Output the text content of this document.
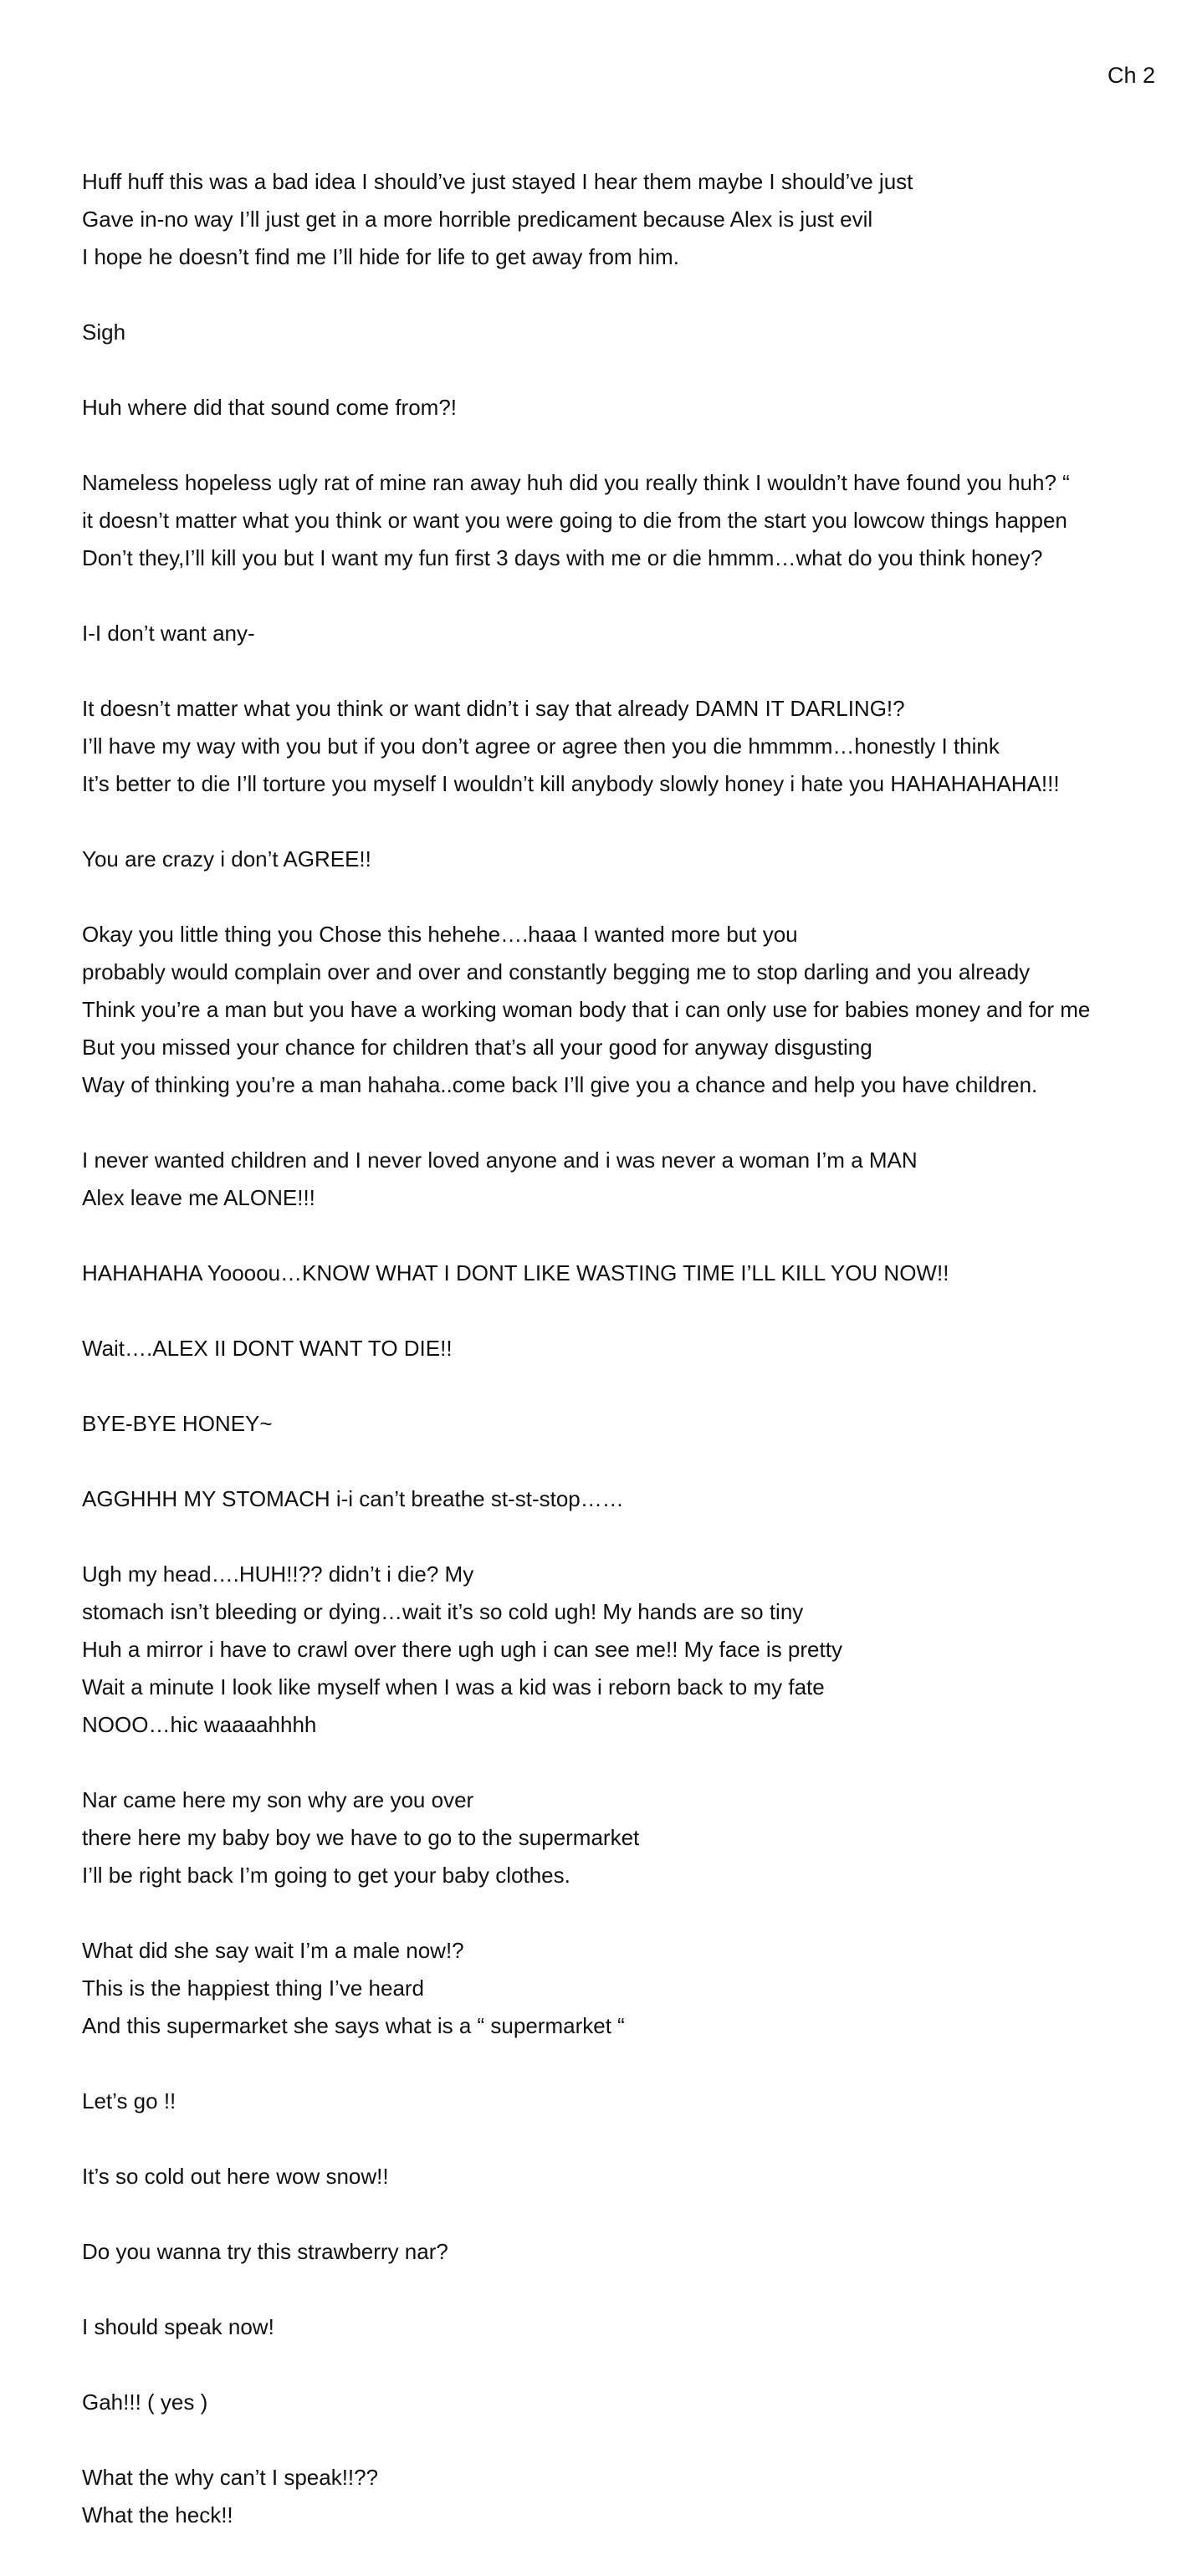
Ch 2
Huff huff this was a bad idea I should’ve just stayed I hear them maybe I should’ve just
Gave in-no way I’ll just get in a more horrible predicament because Alex is just evil
I hope he doesn’t find me I’ll hide for life to get away from him.
Sigh
Huh where did that sound come from?!
Nameless hopeless ugly rat of mine ran away huh did you really think I wouldn’t have found you huh? “
it doesn’t matter what you think or want you were going to die from the start you lowcow things happen
Don’t they,I’ll kill you but I want my fun first 3 days with me or die hmmm…what do you think honey?
I-I don’t want any-
It doesn’t matter what you think or want didn’t i say that already DAMN IT DARLING!?
I’ll have my way with you but if you don’t agree or agree then you die hmmmm…honestly I think
It’s better to die I’ll torture you myself I wouldn’t kill anybody slowly honey i hate you HAHAHAHAHA!!!
You are crazy i don’t AGREE!!
Okay you little thing you Chose this hehehe….haaa I wanted more but you
probably would complain over and over and constantly begging me to stop darling and you already
Think you’re a man but you have a working woman body that i can only use for babies money and for me
But you missed your chance for children that’s all your good for anyway disgusting
Way of thinking you’re a man hahaha..come back I’ll give you a chance and help you have children.
I never wanted children and I never loved anyone and i was never a woman I’m a MAN
Alex leave me ALONE!!!
HAHAHAHA Yoooou…KNOW WHAT I DONT LIKE WASTING TIME I’LL KILL YOU NOW!!
Wait….ALEX II DONT WANT TO DIE!!
BYE-BYE HONEY~
AGGHHH MY STOMACH i-i can’t breathe st-st-stop……
Ugh my head….HUH!!?? didn’t i die? My
stomach isn’t bleeding or dying…wait it’s so cold ugh! My hands are so tiny
Huh a mirror i have to crawl over there ugh ugh i can see me!! My face is pretty
Wait a minute I look like myself when I was a kid was i reborn back to my fate
NOOO…hic waaaahhhh
Nar came here my son why are you over
there here my baby boy we have to go to the supermarket
I’ll be right back I’m going to get your baby clothes.
What did she say wait I’m a male now!?
This is the happiest thing I’ve heard
And this supermarket she says what is a “ supermarket “
Let’s go !!
It’s so cold out here wow snow!!
Do you wanna try this strawberry nar?
I should speak now!
Gah!!! ( yes )
What the why can’t I speak!!??
What the heck!!
